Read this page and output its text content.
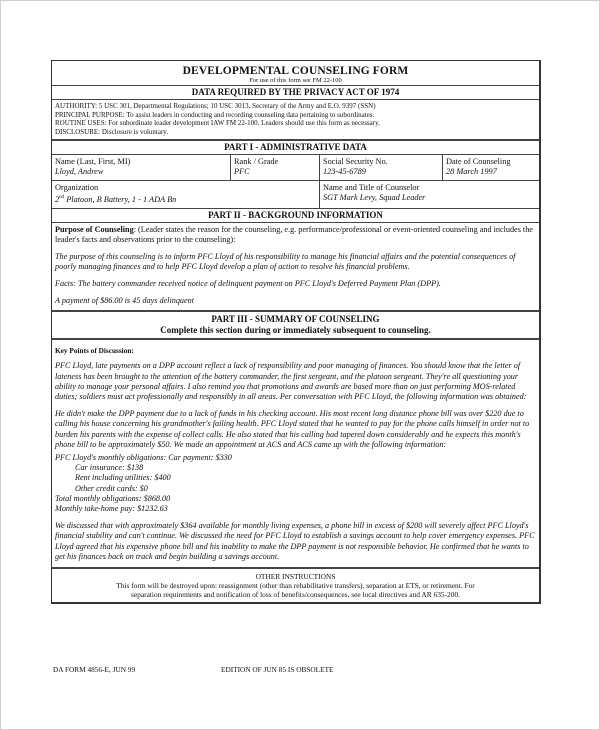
DEVELOPMENTAL COUNSELING FORM
For use of this form see FM 22-100
DATA REQUIRED BY THE PRIVACY ACT OF 1974
AUTHORITY: 5 USC 301, Departmental Regulations; 10 USC 3013, Secretary of the Army and E.O. 9397 (SSN)
PRINCIPAL PURPOSE: To assist leaders in conducting and recording counseling data pertaining to subordinates.
ROUTINE USES: For subordinate leader development IAW FM 22-100. Leaders should use this form as necessary.
DISCLOSURE: Disclosure is voluntary.
PART I - ADMINISTRATIVE DATA
Name (Last, First, MI)
Lloyd, Andrew
Rank / Grade
PFC
Social Security No.
123-45-6789
Date of Counseling
28 March 1997
Organization
2nd Platoon, B Battery, 1 - 1 ADA Bn
Name and Title of Counselor
SGT Mark Levy, Squad Leader
PART II - BACKGROUND INFORMATION
Purpose of Counseling: (Leader states the reason for the counseling, e.g. performance/professional or event-oriented counseling and includes the leader's facts and observations prior to the counseling):
The purpose of this counseling is to inform PFC Lloyd of his responsibility to manage his financial affairs and the potential consequences of poorly managing finances and to help PFC Lloyd develop a plan of action to resolve his financial problems.
Facts: The battery commander received notice of delinquent payment on PFC Lloyd's Deferred Payment Plan (DPP).
A payment of $86.00 is 45 days delinquent
PART III - SUMMARY OF COUNSELING
Complete this section during or immediately subsequent to counseling.
Key Points of Discussion:
PFC Lloyd, late payments on a DPP account reflect a lack of responsibility and poor managing of finances. You should know that the letter of lateness has been brought to the attention of the battery commander, the first sergeant, and the platoon sergeant. They're all questioning your ability to manage your personal affairs. I also remind you that promotions and awards are based more than on just performing MOS-related duties; soldiers must act professionally and responsibly in all areas. Per conversation with PFC Lloyd, the following information was obtained:
He didn't make the DPP payment due to a lack of funds in his checking account. His most recent long distance phone bill was over $220 due to calling his house concerning his grandmother's failing health. PFC Lloyd stated that he wanted to pay for the phone calls himself in order not to burden his parents with the expense of collect calls. He also stated that his calling had tapered down considerably and he expects this month's phone bill to be approximately $50. We made an appointment at ACS and ACS came up with the following information:
PFC Lloyd's monthly obligations: Car payment: $330
Car insurance: $138
Rent including utilities: $400
Other credit cards: $0
Total monthly obligations: $868.00
Monthly take-home pay: $1232.63
We discussed that with approximately $364 available for monthly living expenses, a phone bill in excess of $200 will severely affect PFC Lloyd's financial stability and can't continue. We discussed the need for PFC Lloyd to establish a savings account to help cover emergency expenses. PFC Lloyd agreed that his expensive phone bill and his inability to make the DPP payment is not responsible behavior. He confirmed that he wants to get his finances back on track and begin building a savings account.
OTHER INSTRUCTIONS
This form will be destroyed upon: reassignment (other than rehabilitative transfers), separation at ETS, or retirement. For
separation requirements and notification of loss of benefits/consequences, see local directives and AR 635-200.
DA FORM 4856-E, JUN 99	EDITION OF JUN 85 IS OBSOLETE
